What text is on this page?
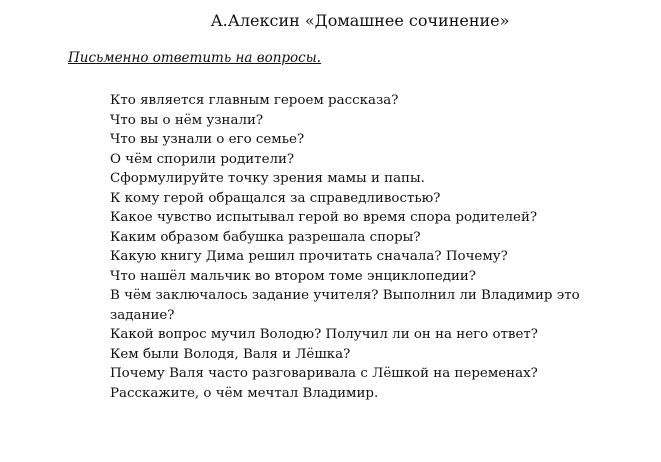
А.Алексин «Домашнее сочинение»
Письменно ответить на вопросы.
Кто является главным героем рассказа?
Что вы о нём узнали?
Что вы узнали о его семье?
О чём спорили родители?
Сформулируйте точку зрения мамы и папы.
К кому герой обращался за справедливостью?
Какое чувство испытывал герой во время спора родителей?
Каким образом бабушка разрешала споры?
Какую книгу Дима решил прочитать сначала? Почему?
Что нашёл мальчик во втором томе энциклопедии?
В чём заключалось задание учителя? Выполнил ли Владимир это
задание?
Какой вопрос мучил Володю? Получил ли он на него ответ?
Кем были Володя, Валя и Лёшка?
Почему Валя часто разговаривала с Лёшкой на переменах?
Расскажите, о чём мечтал Владимир.
